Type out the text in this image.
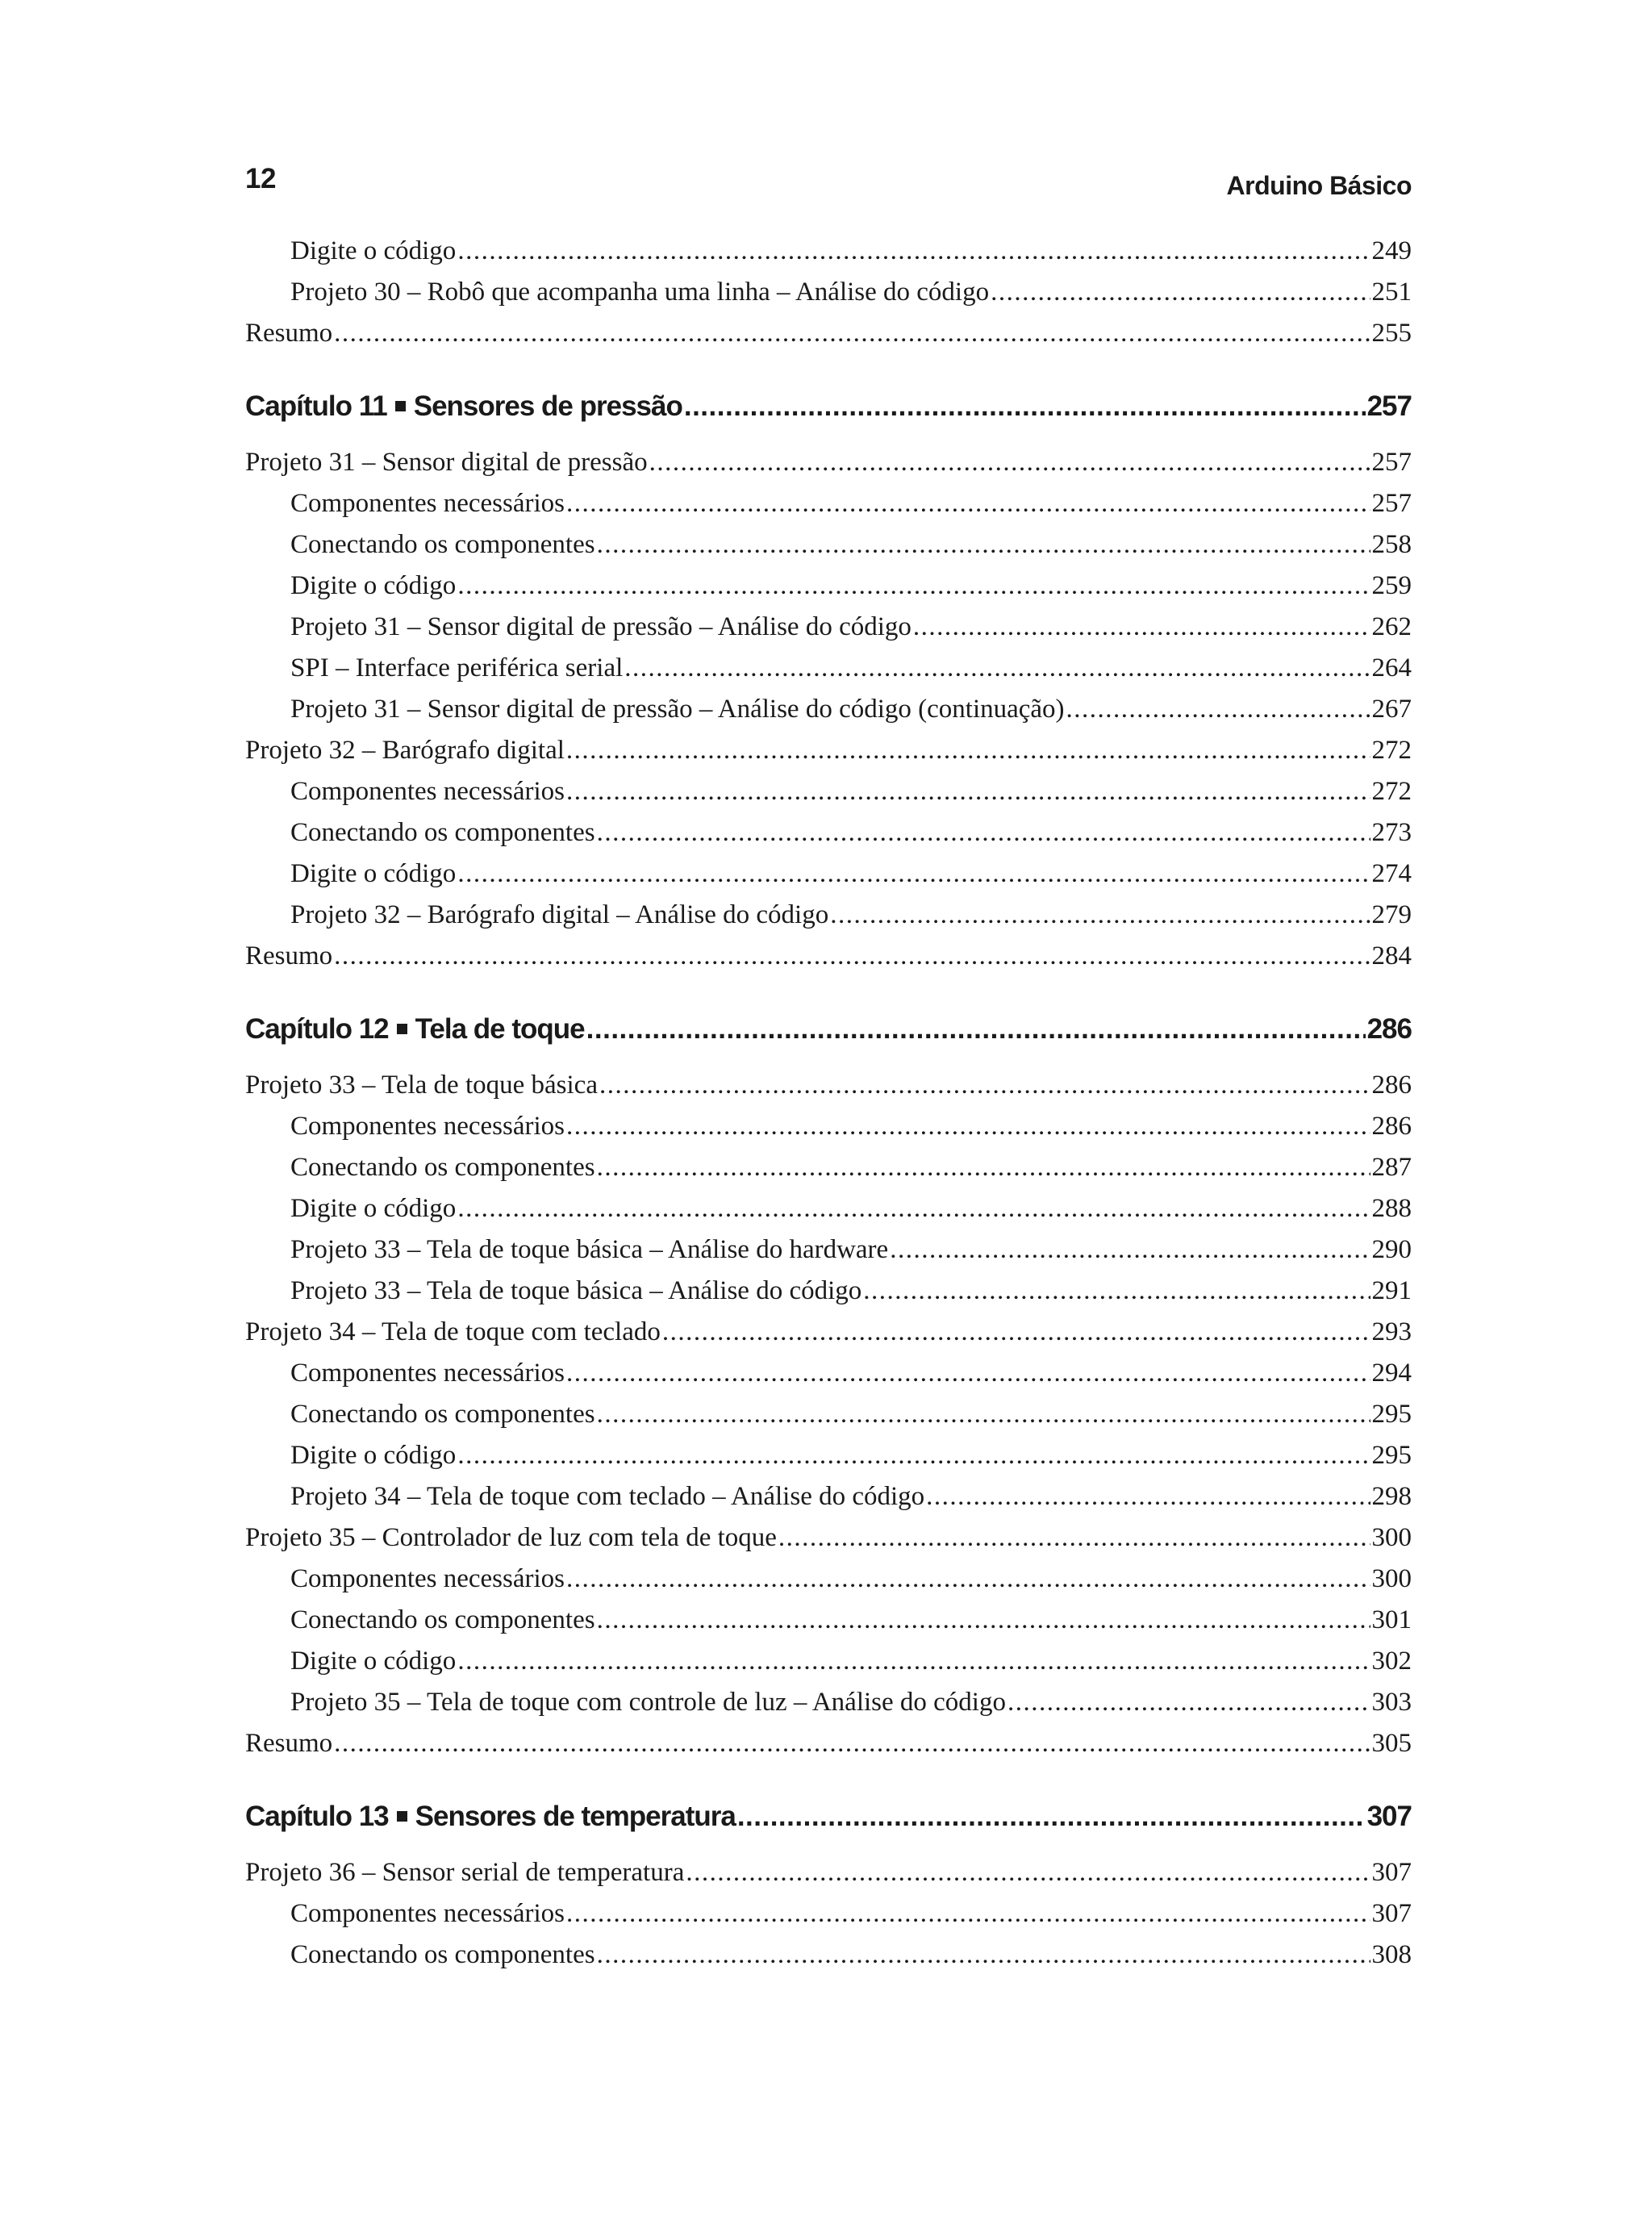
12	Arduino Básico
Digite o código .....	249
Projeto 30 – Robô que acompanha uma linha – Análise do código .....	251
Resumo .....	255
Capítulo 11 Sensores de pressão .....	257
Projeto 31 – Sensor digital de pressão .....	257
Componentes necessários .....	257
Conectando os componentes .....	258
Digite o código .....	259
Projeto 31 – Sensor digital de pressão – Análise do código .....	262
SPI – Interface periférica serial .....	264
Projeto 31 – Sensor digital de pressão – Análise do código (continuação) .....	267
Projeto 32 – Barógrafo digital .....	272
Componentes necessários .....	272
Conectando os componentes .....	273
Digite o código .....	274
Projeto 32 – Barógrafo digital – Análise do código .....	279
Resumo .....	284
Capítulo 12 Tela de toque .....	286
Projeto 33 – Tela de toque básica .....	286
Componentes necessários .....	286
Conectando os componentes .....	287
Digite o código .....	288
Projeto 33 – Tela de toque básica – Análise do hardware .....	290
Projeto 33 – Tela de toque básica – Análise do código .....	291
Projeto 34 – Tela de toque com teclado .....	293
Componentes necessários .....	294
Conectando os componentes .....	295
Digite o código .....	295
Projeto 34 – Tela de toque com teclado – Análise do código .....	298
Projeto 35 – Controlador de luz com tela de toque .....	300
Componentes necessários .....	300
Conectando os componentes .....	301
Digite o código .....	302
Projeto 35 – Tela de toque com controle de luz – Análise do código .....	303
Resumo .....	305
Capítulo 13 Sensores de temperatura .....	307
Projeto 36 – Sensor serial de temperatura .....	307
Componentes necessários .....	307
Conectando os componentes .....	308
